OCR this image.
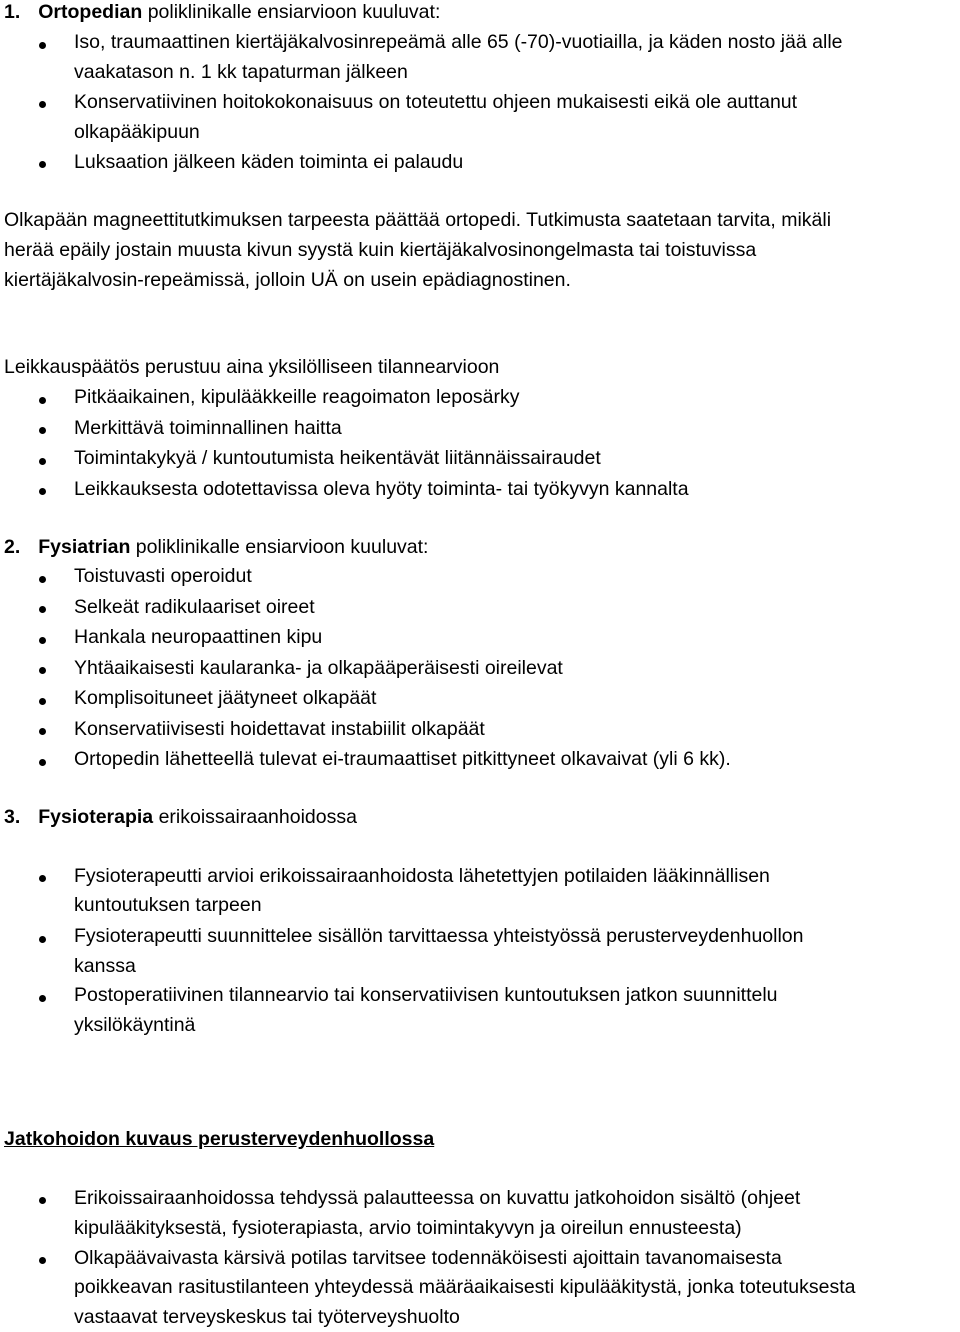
1. Ortopedian poliklinikalle ensiarvioon kuuluvat:
Iso, traumaattinen kiertäjäkalvosinrepeämä alle 65 (-70)-vuotiailla, ja käden nosto jää alle
vaakatason n. 1 kk tapaturman jälkeen
Konservatiivinen hoitokokonaisuus on toteutettu ohjeen mukaisesti eikä ole auttanut
olkapääkipuun
Luksaation jälkeen käden toiminta ei palaudu
Olkapään magneettitutkimuksen tarpeesta päättää ortopedi. Tutkimusta saatetaan tarvita, mikäli
herää epäily jostain muusta kivun syystä kuin kiertäjäkalvosinongelmasta tai toistuvissa
kiertäjäkalvosin-repeämissä, jolloin UÄ on usein epädiagnostinen.
Leikkauspäätös perustuu aina yksilölliseen tilannearvioon
Pitkäaikainen, kipulääkkeille reagoimaton leposärky
Merkittävä toiminnallinen haitta
Toimintakykyä / kuntoutumista heikentävät liitännäissairaudet
Leikkauksesta odotettavissa oleva hyöty toiminta- tai työkyvyn kannalta
2. Fysiatrian poliklinikalle ensiarvioon kuuluvat:
Toistuvasti operoidut
Selkeät radikulaariset oireet
Hankala neuropaattinen kipu
Yhtäaikaisesti kaularanka- ja olkapääperäisesti oireilevat
Komplisoituneet jäätyneet olkapäät
Konservatiivisesti hoidettavat instabiilit olkapäät
Ortopedin lähetteellä tulevat ei-traumaattiset pitkittyneet olkavaivat (yli 6 kk).
3. Fysioterapia erikoissairaanhoidossa
Fysioterapeutti arvioi erikoissairaanhoidosta lähetettyjen potilaiden lääkinnällisen
kuntoutuksen tarpeen
Fysioterapeutti suunnittelee sisällön tarvittaessa yhteistyössä perusterveydenhuollon
kanssa
Postoperatiivinen tilannearvio tai konservatiivisen kuntoutuksen jatkon suunnittelu
yksilökäyntinä
Jatkohoidon kuvaus perusterveydenhuollossa
Erikoissairaanhoidossa tehdyssä palautteessa on kuvattu jatkohoidon sisältö (ohjeet
kipulääkityksestä, fysioterapiasta, arvio toimintakyvyn ja oireilun ennusteesta)
Olkapäävaivasta kärsivä potilas tarvitsee todennäköisesti ajoittain tavanomaisesta
poikkeavan rasitustilanteen yhteydessä määräaikaisesti kipulääkitystä, jonka toteutuksesta
vastaavat terveyskeskus tai työterveyshuolto
